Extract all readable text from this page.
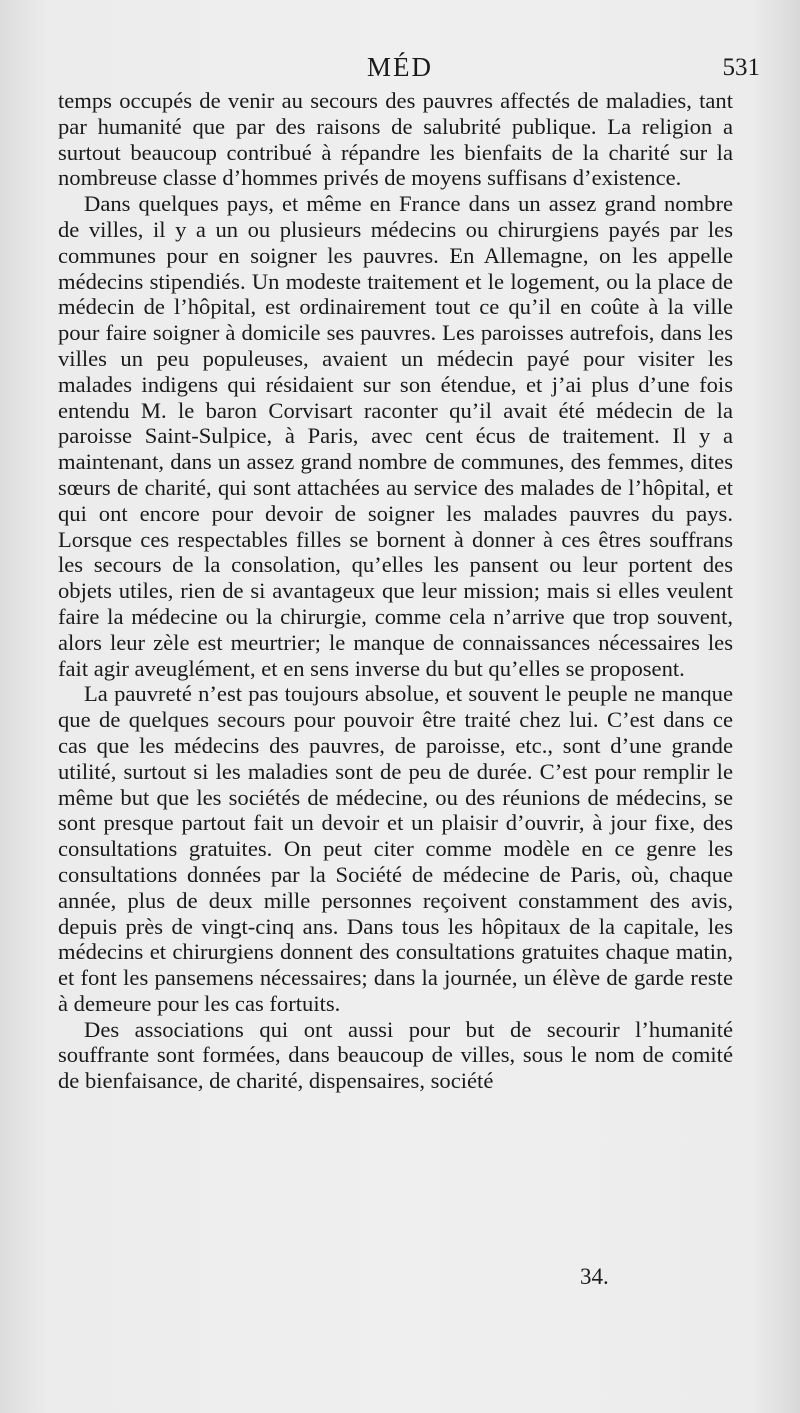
MÉD	531

temps occupés de venir au secours des pauvres affectés de maladies, tant par humanité que par des raisons de salubrité publique. La religion a surtout beaucoup contribué à répandre les bienfaits de la charité sur la nombreuse classe d’hommes privés de moyens suffisans d’existence.

Dans quelques pays, et même en France dans un assez grand nombre de villes, il y a un ou plusieurs médecins ou chirurgiens payés par les communes pour en soigner les pauvres. En Allemagne, on les appelle médecins stipendiés. Un modeste traitement et le logement, ou la place de médecin de l’hôpital, est ordinairement tout ce qu’il en coûte à la ville pour faire soigner à domicile ses pauvres. Les paroisses autrefois, dans les villes un peu populeuses, avaient un médecin payé pour visiter les malades indigens qui résidaient sur son étendue, et j’ai plus d’une fois entendu M. le baron Corvisart raconter qu’il avait été médecin de la paroisse Saint-Sulpice, à Paris, avec cent écus de traitement. Il y a maintenant, dans un assez grand nombre de communes, des femmes, dites sœurs de charité, qui sont attachées au service des malades de l’hôpital, et qui ont encore pour devoir de soigner les malades pauvres du pays. Lorsque ces respectables filles se bornent à donner à ces êtres souffrans les secours de la consolation, qu’elles les pansent ou leur portent des objets utiles, rien de si avantageux que leur mission; mais si elles veulent faire la médecine ou la chirurgie, comme cela n’arrive que trop souvent, alors leur zèle est meurtrier; le manque de connaissances nécessaires les fait agir aveuglément, et en sens inverse du but qu’elles se proposent.

La pauvreté n’est pas toujours absolue, et souvent le peuple ne manque que de quelques secours pour pouvoir être traité chez lui. C’est dans ce cas que les médecins des pauvres, de paroisse, etc., sont d’une grande utilité, surtout si les maladies sont de peu de durée. C’est pour remplir le même but que les sociétés de médecine, ou des réunions de médecins, se sont presque partout fait un devoir et un plaisir d’ouvrir, à jour fixe, des consultations gratuites. On peut citer comme modèle en ce genre les consultations données par la Société de médecine de Paris, où, chaque année, plus de deux mille personnes reçoivent constamment des avis, depuis près de vingt-cinq ans. Dans tous les hôpitaux de la capitale, les médecins et chirurgiens donnent des consultations gratuites chaque matin, et font les pansemens nécessaires; dans la journée, un élève de garde reste à demeure pour les cas fortuits.

Des associations qui ont aussi pour but de secourir l’humanité souffrante sont formées, dans beaucoup de villes, sous le nom de comité de bienfaisance, de charité, dispensaires, société

34.
